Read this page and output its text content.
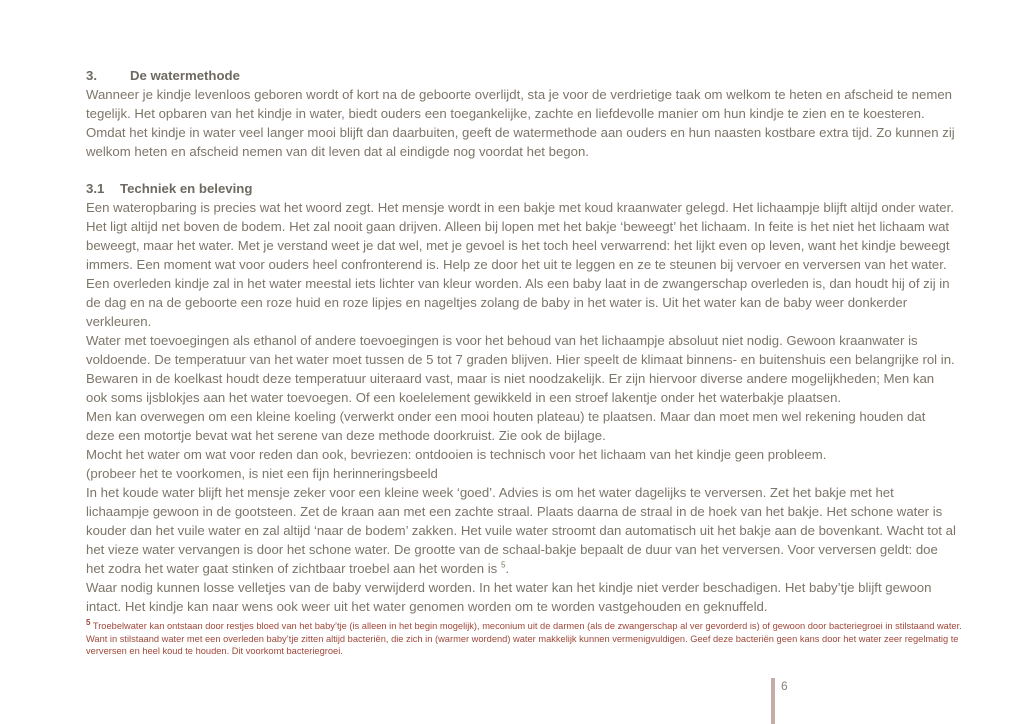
3.	De watermethode

Wanneer je kindje levenloos geboren wordt of kort na de geboorte overlijdt, sta je voor de verdrietige taak om welkom te heten en afscheid te nemen tegelijk. Het opbaren van het kindje in water, biedt ouders een toegankelijke, zachte en liefdevolle manier om hun kindje te zien en te koesteren. Omdat het kindje in water veel langer mooi blijft dan daarbuiten, geeft de watermethode aan ouders en hun naasten kostbare extra tijd. Zo kunnen zij welkom heten en afscheid nemen van dit leven dat al eindigde nog voordat het begon.

3.1 Techniek en beleving

Een wateropbaring is precies wat het woord zegt. Het mensje wordt in een bakje met koud kraanwater gelegd. Het lichaampje blijft altijd onder water. Het ligt altijd net boven de bodem. Het zal nooit gaan drijven. Alleen bij lopen met het bakje ‘beweegt’ het lichaam. In feite is het niet het lichaam wat beweegt, maar het water. Met je verstand weet je dat wel, met je gevoel is het toch heel verwarrend: het lijkt even op leven, want het kindje beweegt immers. Een moment wat voor ouders heel confronterend is. Help ze door het uit te leggen en ze te steunen bij vervoer en verversen van het water. Een overleden kindje zal in het water meestal iets lichter van kleur worden. Als een baby laat in de zwangerschap overleden is, dan houdt hij of zij in de dag en na de geboorte een roze huid en roze lipjes en nageltjes zolang de baby in het water is. Uit het water kan de baby weer donkerder verkleuren.

Water met toevoegingen als ethanol of andere toevoegingen is voor het behoud van het lichaampje absoluut niet nodig. Gewoon kraanwater is voldoende. De temperatuur van het water moet tussen de 5 tot 7 graden blijven. Hier speelt de klimaat binnens- en buitenshuis een belangrijke rol in. Bewaren in de koelkast houdt deze temperatuur uiteraard vast, maar is niet noodzakelijk. Er zijn hiervoor diverse andere mogelijkheden; Men kan ook soms ijsblokjes aan het water toevoegen. Of een koelelement gewikkeld in een stroef lakentje onder het waterbakje plaatsen.

Men kan overwegen om een kleine koeling (verwerkt onder een mooi houten plateau) te plaatsen. Maar dan moet men wel rekening houden dat deze een motortje bevat wat het serene van deze methode doorkruist. Zie ook de bijlage.

Mocht het water om wat voor reden dan ook, bevriezen: ontdooien is technisch voor het lichaam van het kindje geen probleem.

(probeer het te voorkomen, is niet een fijn herinneringsbeeld

In het koude water blijft het mensje zeker voor een kleine week ‘goed’. Advies is om het water dagelijks te verversen. Zet het bakje met het lichaampje gewoon in de gootsteen. Zet de kraan aan met een zachte straal. Plaats daarna de straal in de hoek van het bakje. Het schone water is kouder dan het vuile water en zal altijd ‘naar de bodem’ zakken. Het vuile water stroomt dan automatisch uit het bakje aan de bovenkant. Wacht tot al het vieze water vervangen is door het schone water. De grootte van de schaal-bakje bepaalt de duur van het verversen. Voor verversen geldt: doe het zodra het water gaat stinken of zichtbaar troebel aan het worden is $^5$.

Waar nodig kunnen losse velletjes van de baby verwijderd worden. In het water kan het kindje niet verder beschadigen. Het baby’tje blijft gewoon intact. Het kindje kan naar wens ook weer uit het water genomen worden om te worden vastgehouden en geknuffeld.

$^5$ Troebelwater kan ontstaan door restjes bloed van het baby’tje (is alleen in het begin mogelijk), meconium uit de darmen (als de zwangerschap al ver gevorderd is) of gewoon door bacteriegroei in stilstaand water. Want in stilstaand water met een overleden baby’tje zitten altijd bacteriën, die zich in (warmer wordend) water makkelijk kunnen vermenigvuldigen. Geef deze bacteriën geen kans door het water zeer regelmatig te verversen en heel koud te houden. Dit voorkomt bacteriegroei.

6
